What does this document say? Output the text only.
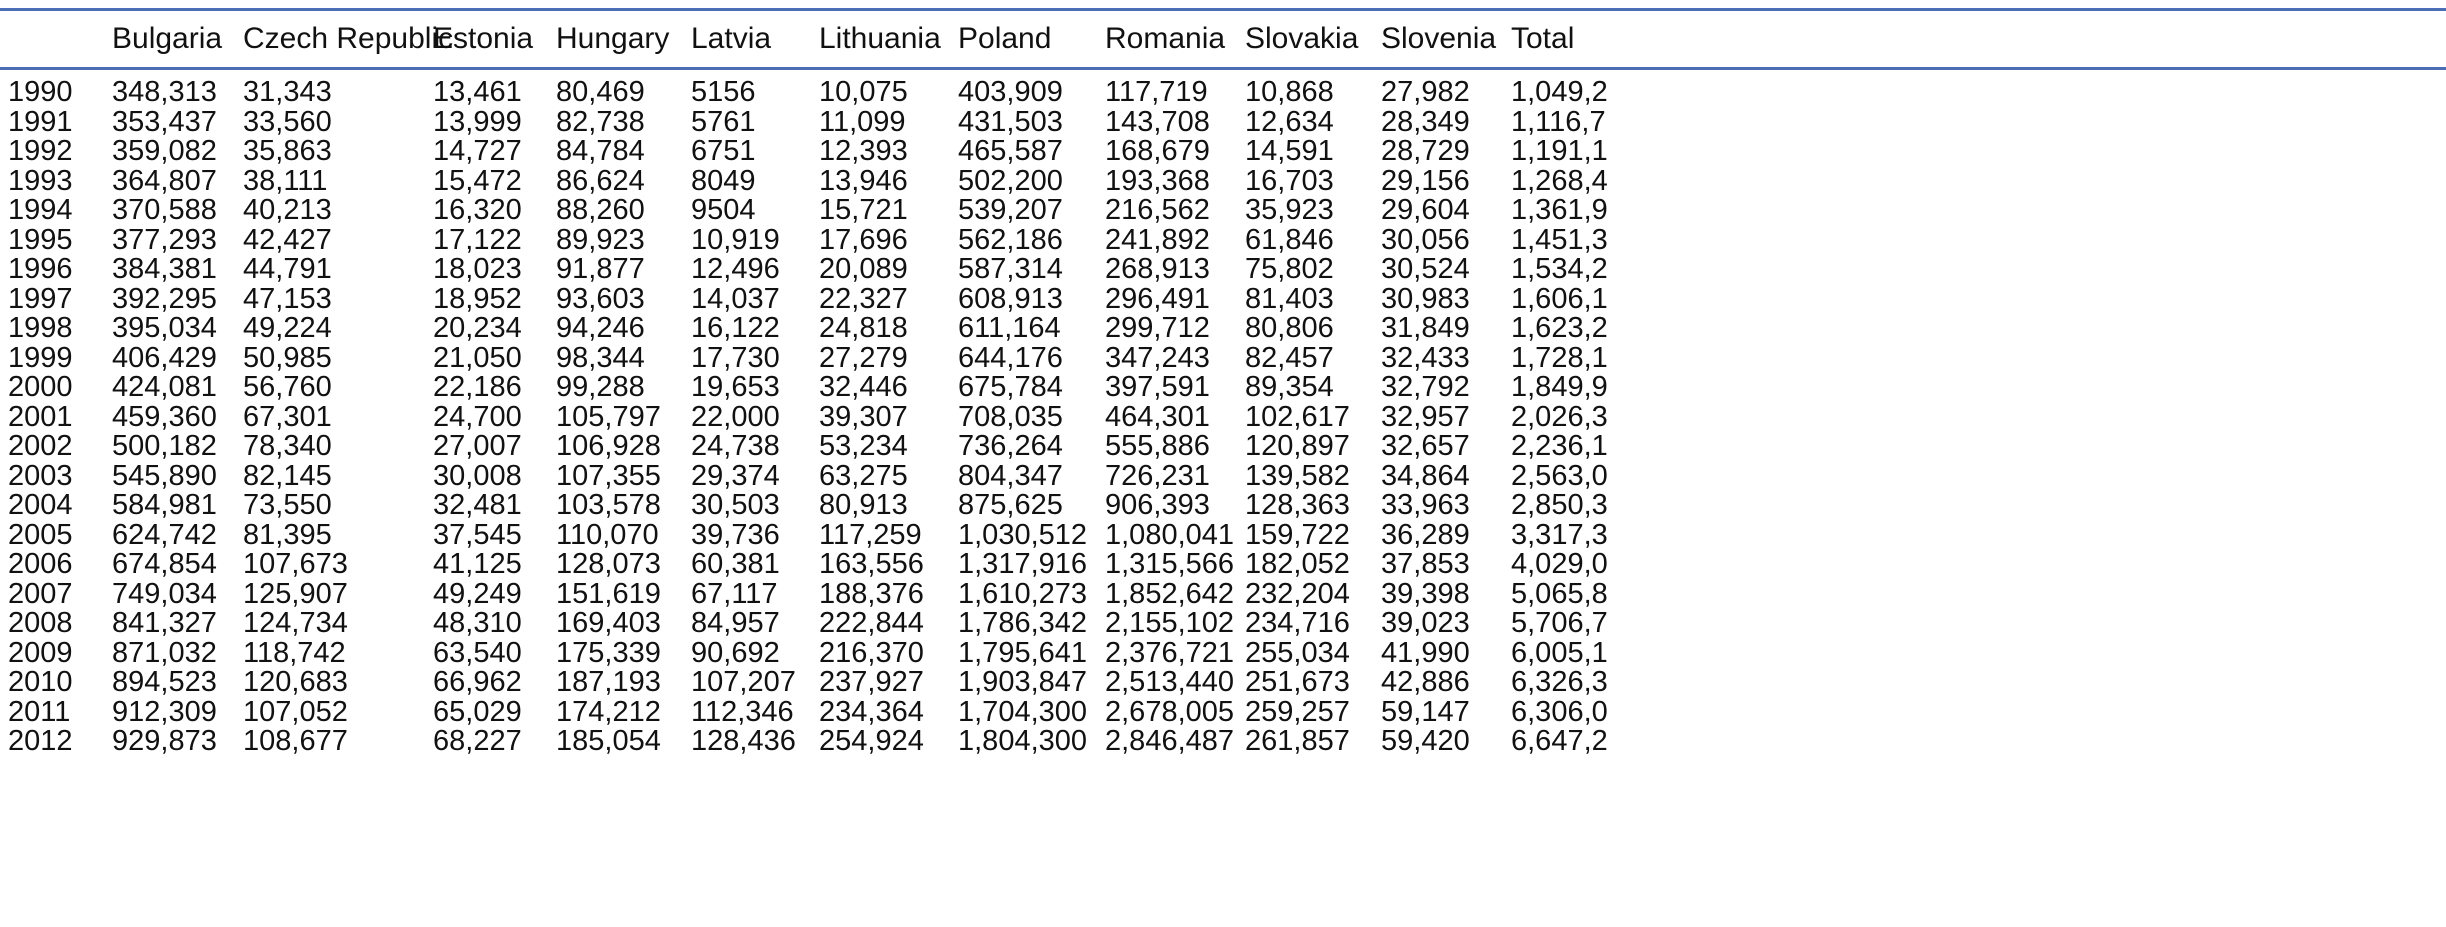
	Bulgaria	Czech Republic	Estonia	Hungary	Latvia	Lithuania	Poland	Romania	Slovakia	Slovenia	Total
1990	348,313	31,343	13,461	80,469	5156	10,075	403,909	117,719	10,868	27,982	1,049,2
1991	353,437	33,560	13,999	82,738	5761	11,099	431,503	143,708	12,634	28,349	1,116,7
1992	359,082	35,863	14,727	84,784	6751	12,393	465,587	168,679	14,591	28,729	1,191,1
1993	364,807	38,111	15,472	86,624	8049	13,946	502,200	193,368	16,703	29,156	1,268,4
1994	370,588	40,213	16,320	88,260	9504	15,721	539,207	216,562	35,923	29,604	1,361,9
1995	377,293	42,427	17,122	89,923	10,919	17,696	562,186	241,892	61,846	30,056	1,451,3
1996	384,381	44,791	18,023	91,877	12,496	20,089	587,314	268,913	75,802	30,524	1,534,2
1997	392,295	47,153	18,952	93,603	14,037	22,327	608,913	296,491	81,403	30,983	1,606,1
1998	395,034	49,224	20,234	94,246	16,122	24,818	611,164	299,712	80,806	31,849	1,623,2
1999	406,429	50,985	21,050	98,344	17,730	27,279	644,176	347,243	82,457	32,433	1,728,1
2000	424,081	56,760	22,186	99,288	19,653	32,446	675,784	397,591	89,354	32,792	1,849,9
2001	459,360	67,301	24,700	105,797	22,000	39,307	708,035	464,301	102,617	32,957	2,026,3
2002	500,182	78,340	27,007	106,928	24,738	53,234	736,264	555,886	120,897	32,657	2,236,1
2003	545,890	82,145	30,008	107,355	29,374	63,275	804,347	726,231	139,582	34,864	2,563,0
2004	584,981	73,550	32,481	103,578	30,503	80,913	875,625	906,393	128,363	33,963	2,850,3
2005	624,742	81,395	37,545	110,070	39,736	117,259	1,030,512	1,080,041	159,722	36,289	3,317,3
2006	674,854	107,673	41,125	128,073	60,381	163,556	1,317,916	1,315,566	182,052	37,853	4,029,0
2007	749,034	125,907	49,249	151,619	67,117	188,376	1,610,273	1,852,642	232,204	39,398	5,065,8
2008	841,327	124,734	48,310	169,403	84,957	222,844	1,786,342	2,155,102	234,716	39,023	5,706,7
2009	871,032	118,742	63,540	175,339	90,692	216,370	1,795,641	2,376,721	255,034	41,990	6,005,1
2010	894,523	120,683	66,962	187,193	107,207	237,927	1,903,847	2,513,440	251,673	42,886	6,326,3
2011	912,309	107,052	65,029	174,212	112,346	234,364	1,704,300	2,678,005	259,257	59,147	6,306,0
2012	929,873	108,677	68,227	185,054	128,436	254,924	1,804,300	2,846,487	261,857	59,420	6,647,2
